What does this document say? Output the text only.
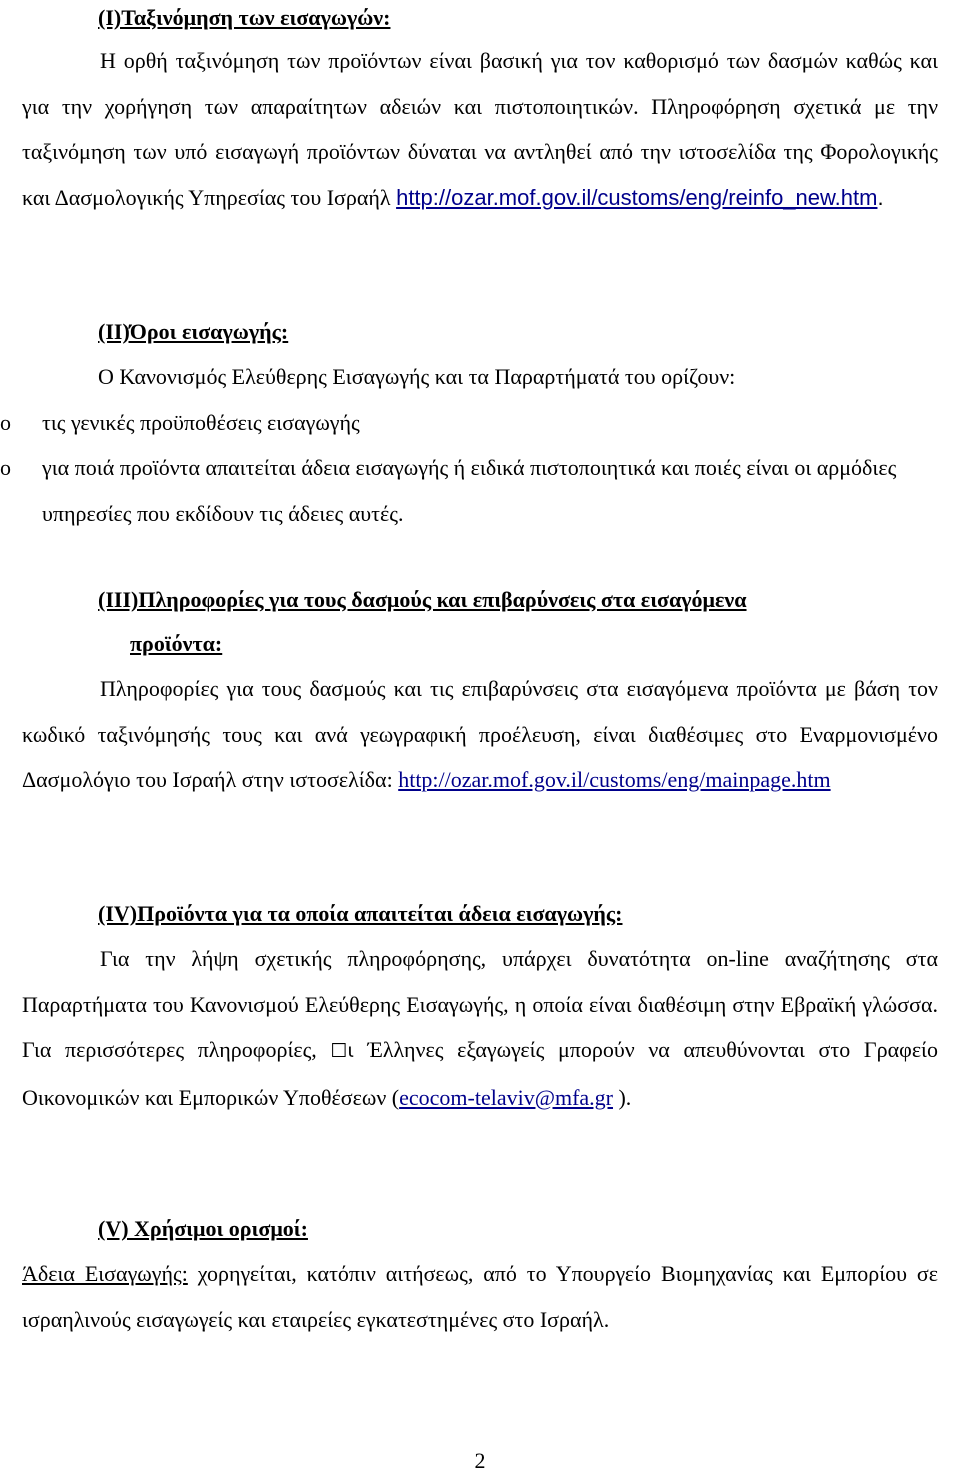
(I)Ταξινόμηση των εισαγωγών:

Η ορθή ταξινόμηση των προϊόντων είναι βασική για τον καθορισμό των δασμών καθώς και για την χορήγηση των απαραίτητων αδειών και πιστοποιητικών. Πληροφόρηση σχετικά με την ταξινόμηση των υπό εισαγωγή προϊόντων δύναται να αντληθεί από την ιστοσελίδα της Φορολογικής και Δασμολογικής Υπηρεσίας του Ισραήλ http://ozar.mof.gov.il/customs/eng/reinfo_new.htm.

(II)Όροι εισαγωγής:

Ο Κανονισμός Ελεύθερης Εισαγωγής και τα Παραρτήματά του ορίζουν:

o τις γενικές προϋποθέσεις εισαγωγής

o για ποιά προϊόντα απαιτείται άδεια εισαγωγής ή ειδικά πιστοποιητικά και ποιές είναι οι αρμόδιες υπηρεσίες που εκδίδουν τις άδειες αυτές.

(ΙΙΙ)Πληροφορίες για τους δασμούς και επιβαρύνσεις στα εισαγόμενα
προϊόντα:

Πληροφορίες για τους δασμούς και τις επιβαρύνσεις στα εισαγόμενα προϊόντα με βάση τον κωδικό ταξινόμησής τους και ανά γεωγραφική προέλευση, είναι διαθέσιμες στο Εναρμονισμένο Δασμολόγιο του Ισραήλ στην ιστοσελίδα: http://ozar.mof.gov.il/customs/eng/mainpage.htm

(IV)Προϊόντα για τα οποία απαιτείται άδεια εισαγωγής:

Για την λήψη σχετικής πληροφόρησης, υπάρχει δυνατότητα on-line αναζήτησης στα Παραρτήματα του Κανονισμού Ελεύθερης Εισαγωγής, η οποία είναι διαθέσιμη στην Εβραϊκή γλώσσα. Για περισσότερες πληροφορίες, ☐ι Έλληνες εξαγωγείς μπορούν να απευθύνονται στο Γραφείο Οικονομικών και Εμπορικών Υποθέσεων (ecocom-telaviv@mfa.gr ).

(V) Χρήσιμοι ορισμοί:

Άδεια Εισαγωγής: χορηγείται, κατόπιν αιτήσεως, από το Υπουργείο Βιομηχανίας και Εμπορίου σε ισραηλινούς εισαγωγείς και εταιρείες εγκατεστημένες στο Ισραήλ.

2
